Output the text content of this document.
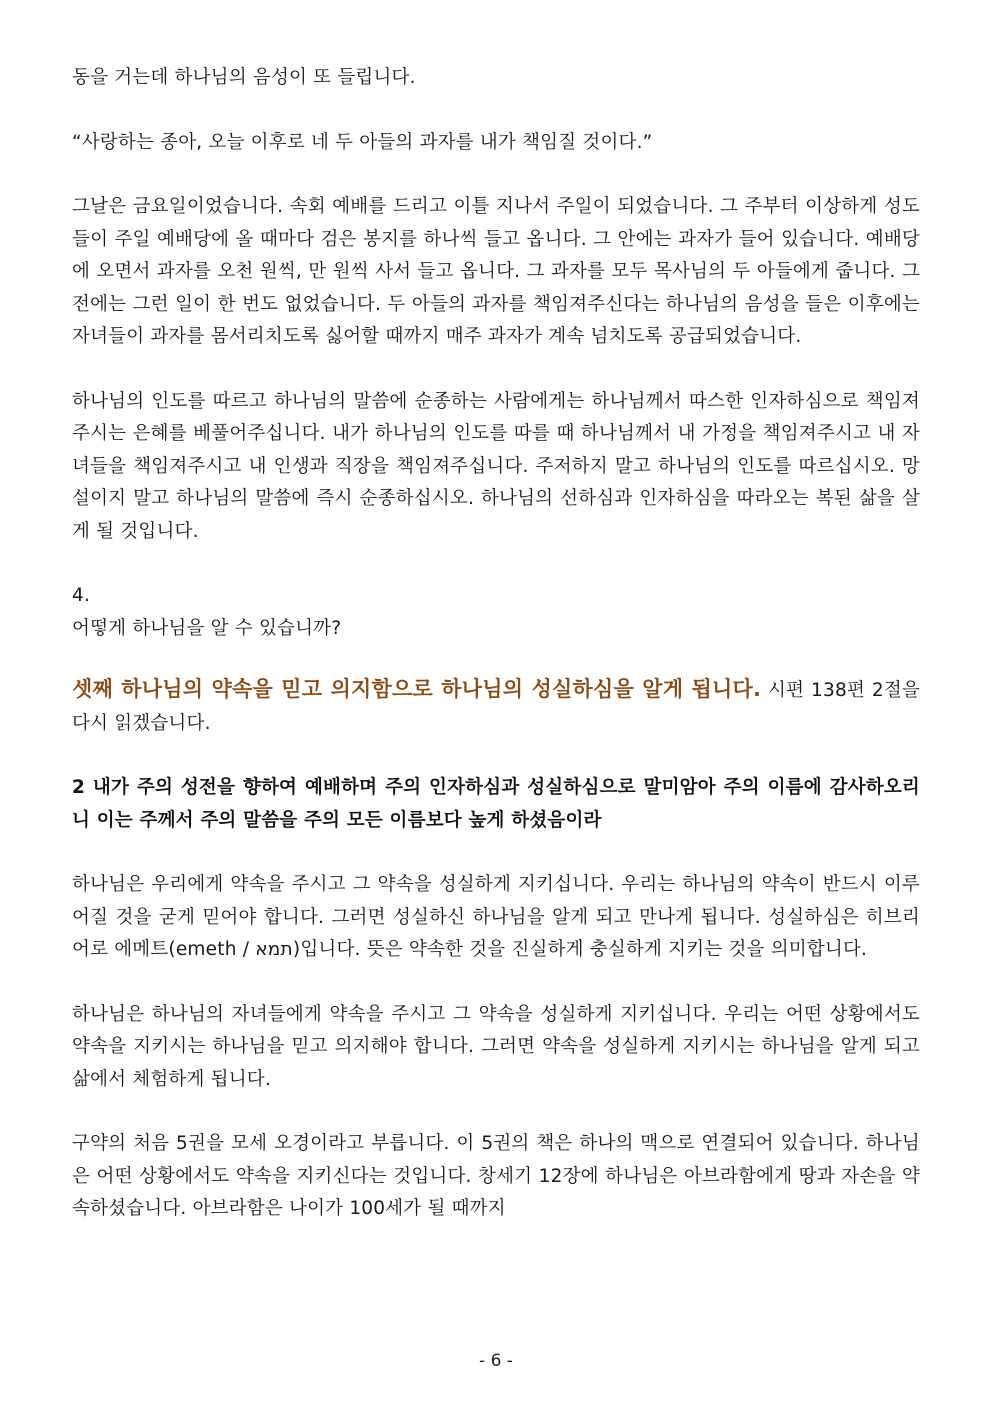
동을 거는데 하나님의 음성이 또 들립니다.

“사랑하는 종아, 오늘 이후로 네 두 아들의 과자를 내가 책임질 것이다.”

그날은 금요일이었습니다. 속회 예배를 드리고 이틀 지나서 주일이 되었습니다. 그 주부터 이상하게 성도들이 주일 예배당에 올 때마다 검은 봉지를 하나씩 들고 옵니다. 그 안에는 과자가 들어 있습니다. 예배당에 오면서 과자를 오천 원씩, 만 원씩 사서 들고 옵니다. 그 과자를 모두 목사님의 두 아들에게 줍니다. 그전에는 그런 일이 한 번도 없었습니다. 두 아들의 과자를 책임져주신다는 하나님의 음성을 들은 이후에는 자녀들이 과자를 몸서리치도록 싫어할 때까지 매주 과자가 계속 넘치도록 공급되었습니다.

하나님의 인도를 따르고 하나님의 말씀에 순종하는 사람에게는 하나님께서 따스한 인자하심으로 책임져주시는 은혜를 베풀어주십니다. 내가 하나님의 인도를 따를 때 하나님께서 내 가정을 책임져주시고 내 자녀들을 책임져주시고 내 인생과 직장을 책임져주십니다. 주저하지 말고 하나님의 인도를 따르십시오. 망설이지 말고 하나님의 말씀에 즉시 순종하십시오. 하나님의 선하심과 인자하심을 따라오는 복된 삶을 살게 될 것입니다.

4.

어떻게 하나님을 알 수 있습니까?

셋째 하나님의 약속을 믿고 의지함으로 하나님의 성실하심을 알게 됩니다. 시편 138편 2절을 다시 읽겠습니다.

2 내가 주의 성전을 향하여 예배하며 주의 인자하심과 성실하심으로 말미암아 주의 이름에 감사하오리니 이는 주께서 주의 말씀을 주의 모든 이름보다 높게 하셨음이라

하나님은 우리에게 약속을 주시고 그 약속을 성실하게 지키십니다. 우리는 하나님의 약속이 반드시 이루어질 것을 굳게 믿어야 합니다. 그러면 성실하신 하나님을 알게 되고 만나게 됩니다. 성실하심은 히브리어로 에메트(emeth / תמא)입니다. 뜻은 약속한 것을 진실하게 충실하게 지키는 것을 의미합니다.

하나님은 하나님의 자녀들에게 약속을 주시고 그 약속을 성실하게 지키십니다. 우리는 어떤 상황에서도 약속을 지키시는 하나님을 믿고 의지해야 합니다. 그러면 약속을 성실하게 지키시는 하나님을 알게 되고 삶에서 체험하게 됩니다.

구약의 처음 5권을 모세 오경이라고 부릅니다. 이 5권의 책은 하나의 맥으로 연결되어 있습니다. 하나님은 어떤 상황에서도 약속을 지키신다는 것입니다. 창세기 12장에 하나님은 아브라함에게 땅과 자손을 약속하셨습니다. 아브라함은 나이가 100세가 될 때까지

- 6 -
